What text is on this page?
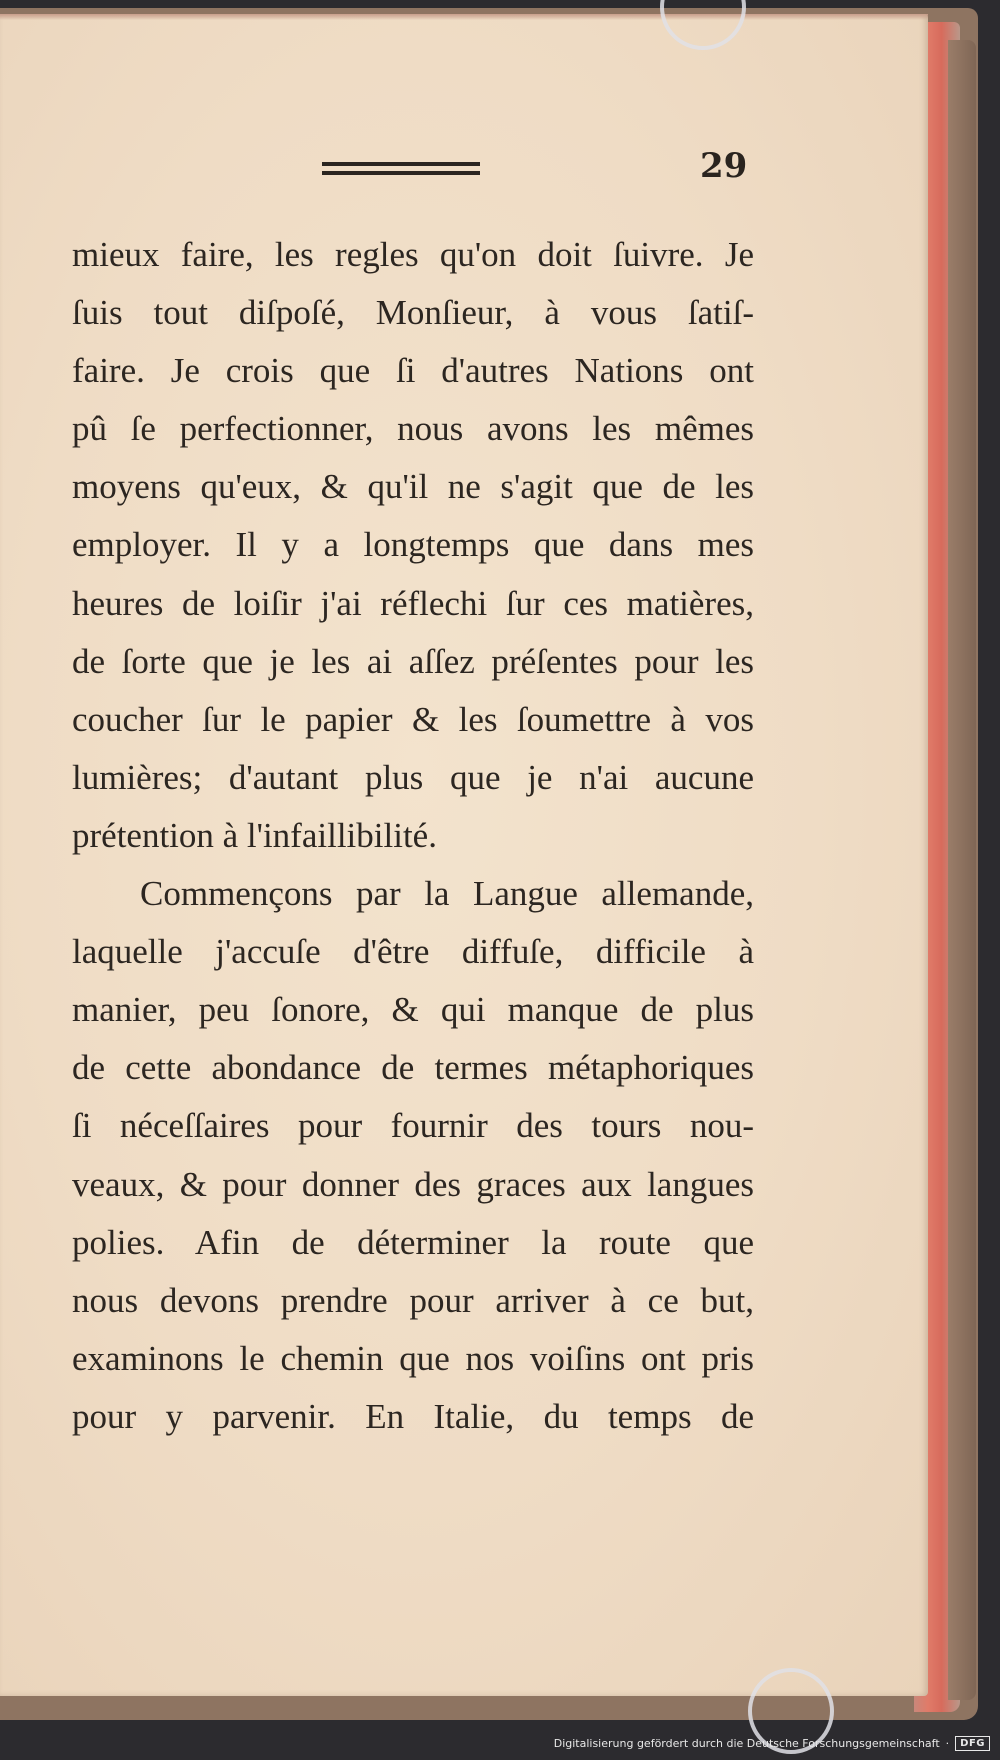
29
mieux faire, les regles qu'on doit ſuivre. Je
ſuis tout diſpoſé, Monſieur, à vous ſatiſ-
faire. Je crois que ſi d'autres Nations ont
pû ſe perfectionner, nous avons les mêmes
moyens qu'eux, & qu'il ne s'agit que de les
employer. Il y a longtemps que dans mes
heures de loiſir j'ai réflechi ſur ces matières,
de ſorte que je les ai aſſez préſentes pour les
coucher ſur le papier & les ſoumettre à vos
lumières; d'autant plus que je n'ai aucune
prétention à l'infaillibilité.
Commençons par la Langue allemande,
laquelle j'accuſe d'être diffuſe, difficile à
manier, peu ſonore, & qui manque de plus
de cette abondance de termes métaphoriques
ſi néceſſaires pour fournir des tours nou-
veaux, & pour donner des graces aux langues
polies. Afin de déterminer la route que
nous devons prendre pour arriver à ce but,
examinons le chemin que nos voiſins ont pris
pour y parvenir. En Italie, du temps de
Digitalisierung gefördert durch die Deutsche Forschungsgemeinschaft ·	DFG
